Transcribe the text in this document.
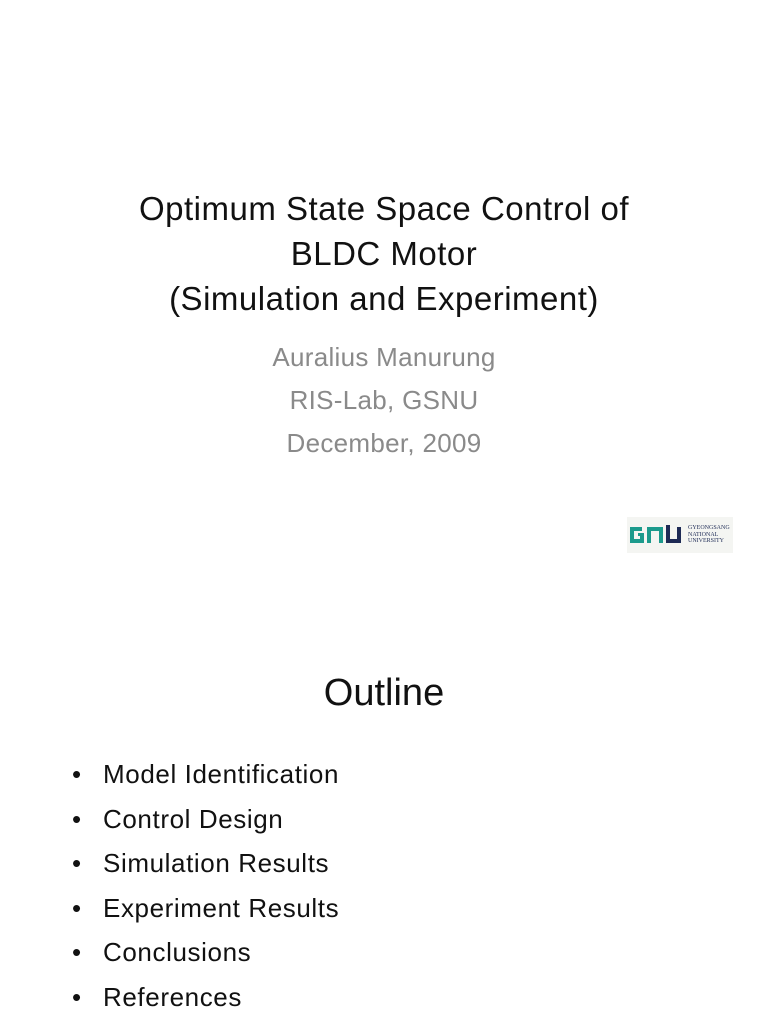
Optimum State Space Control of
BLDC Motor
(Simulation and Experiment)
Auralius Manurung
RIS-Lab, GSNU
December, 2009
GYEONGSANG
NATIONAL
UNIVERSITY
Outline
• Model Identification
• Control Design
• Simulation Results
• Experiment Results
• Conclusions
• References
